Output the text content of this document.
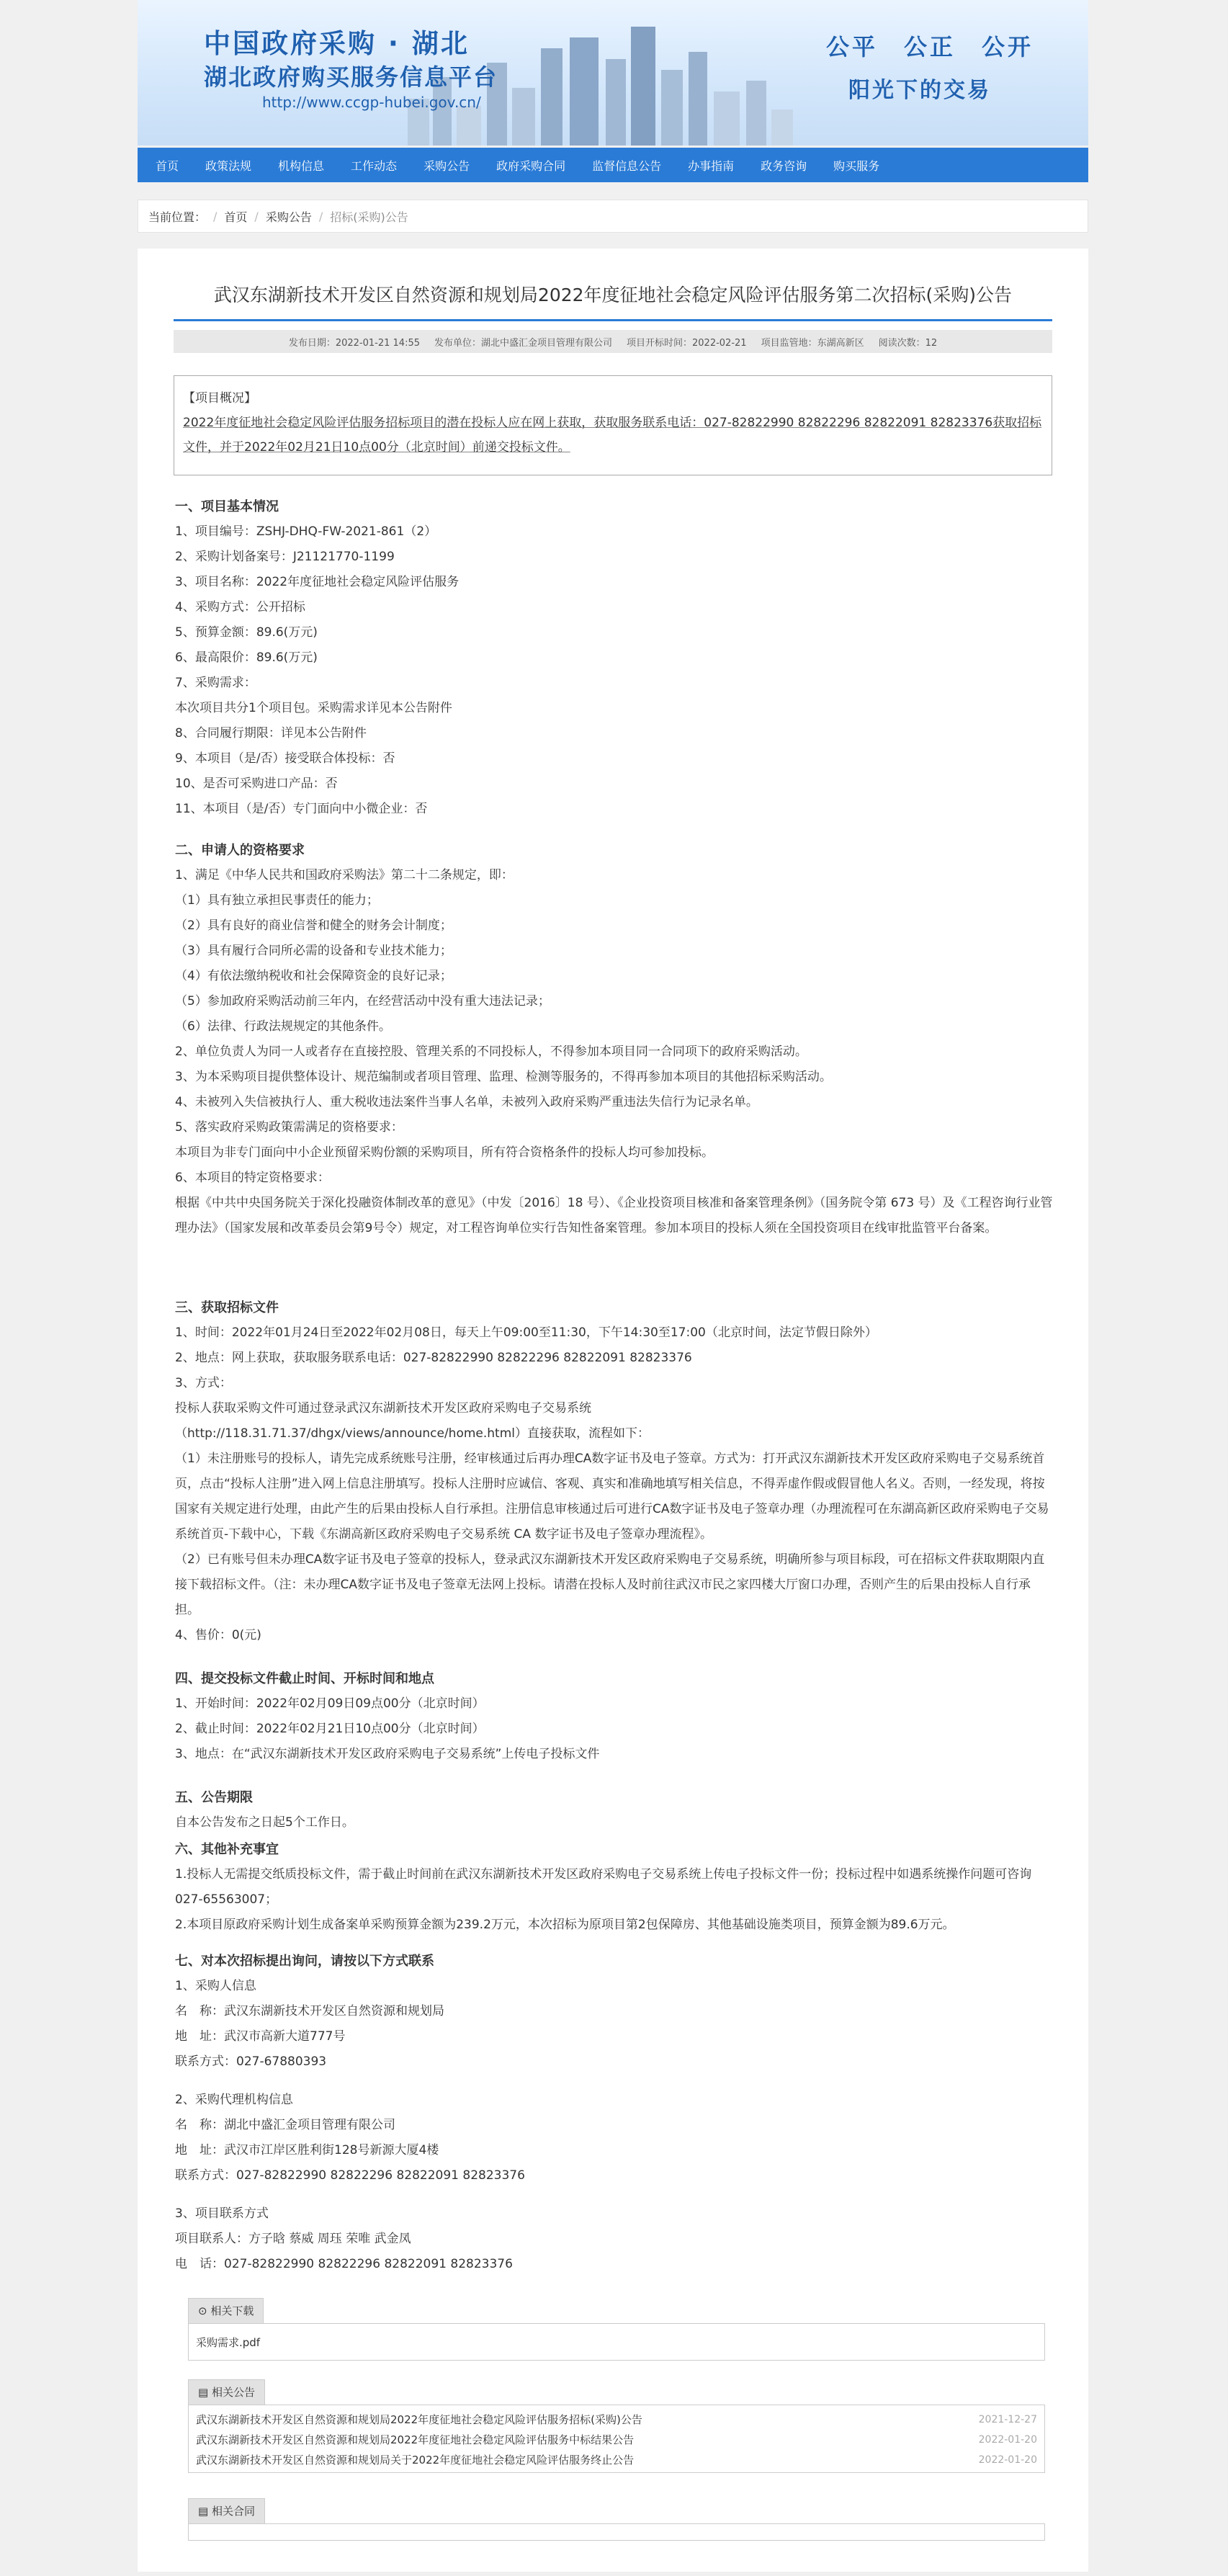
中国政府采购 · 湖北
湖北政府购买服务信息平台
http://www.ccgp-hubei.gov.cn/
公平　公正　公开
阳光下的交易
首页	政策法规	机构信息	工作动态	采购公告	政府采购合同	监督信息公告	办事指南	政务咨询	购买服务
当前位置： / 首页 / 采购公告 / 招标(采购)公告
武汉东湖新技术开发区自然资源和规划局2022年度征地社会稳定风险评估服务第二次招标(采购)公告
发布日期：2022-01-21 14:55 发布单位：湖北中盛汇金项目管理有限公司 项目开标时间：2022-02-21 项目监管地：东湖高新区 阅读次数：12
【项目概况】
2022年度征地社会稳定风险评估服务招标项目的潜在投标人应在网上获取，获取服务联系电话：027-82822990 82822296 82822091 82823376获取招标文件，并于2022年02月21日10点00分（北京时间）前递交投标文件。
一、项目基本情况

1、项目编号：ZSHJ-DHQ-FW-2021-861（2）

2、采购计划备案号：J21121770-1199

3、项目名称：2022年度征地社会稳定风险评估服务

4、采购方式：公开招标

5、预算金额：89.6(万元)

6、最高限价：89.6(万元)

7、采购需求：

本次项目共分1个项目包。采购需求详见本公告附件

8、合同履行期限：详见本公告附件

9、本项目（是/否）接受联合体投标：否

10、是否可采购进口产品：否

11、本项目（是/否）专门面向中小微企业：否

二、申请人的资格要求

1、满足《中华人民共和国政府采购法》第二十二条规定，即：

（1）具有独立承担民事责任的能力；

（2）具有良好的商业信誉和健全的财务会计制度；

（3）具有履行合同所必需的设备和专业技术能力；

（4）有依法缴纳税收和社会保障资金的良好记录；

（5）参加政府采购活动前三年内，在经营活动中没有重大违法记录；

（6）法律、行政法规规定的其他条件。

2、单位负责人为同一人或者存在直接控股、管理关系的不同投标人，不得参加本项目同一合同项下的政府采购活动。

3、为本采购项目提供整体设计、规范编制或者项目管理、监理、检测等服务的，不得再参加本项目的其他招标采购活动。

4、未被列入失信被执行人、重大税收违法案件当事人名单，未被列入政府采购严重违法失信行为记录名单。

5、落实政府采购政策需满足的资格要求：

本项目为非专门面向中小企业预留采购份额的采购项目，所有符合资格条件的投标人均可参加投标。

6、本项目的特定资格要求：

根据《中共中央国务院关于深化投融资体制改革的意见》（中发〔2016〕18 号）、《企业投资项目核准和备案管理条例》（国务院令第 673 号）及《工程咨询行业管理办法》（国家发展和改革委员会第9号令）规定，对工程咨询单位实行告知性备案管理。参加本项目的投标人须在全国投资项目在线审批监管平台备案。

三、获取招标文件

1、时间：2022年01月24日至2022年02月08日，每天上午09:00至11:30，下午14:30至17:00（北京时间，法定节假日除外）

2、地点：网上获取，获取服务联系电话：027-82822990 82822296 82822091 82823376

3、方式：

投标人获取采购文件可通过登录武汉东湖新技术开发区政府采购电子交易系统

（http://118.31.71.37/dhgx/views/announce/home.html）直接获取，流程如下：

（1）未注册账号的投标人，请先完成系统账号注册，经审核通过后再办理CA数字证书及电子签章。方式为：打开武汉东湖新技术开发区政府采购电子交易系统首页，点击“投标人注册”进入网上信息注册填写。投标人注册时应诚信、客观、真实和准确地填写相关信息，不得弄虚作假或假冒他人名义。否则，一经发现，将按国家有关规定进行处理，由此产生的后果由投标人自行承担。注册信息审核通过后可进行CA数字证书及电子签章办理（办理流程可在东湖高新区政府采购电子交易系统首页-下载中心，下载《东湖高新区政府采购电子交易系统 CA 数字证书及电子签章办理流程》。

（2）已有账号但未办理CA数字证书及电子签章的投标人，登录武汉东湖新技术开发区政府采购电子交易系统，明确所参与项目标段，可在招标文件获取期限内直接下载招标文件。（注：未办理CA数字证书及电子签章无法网上投标。请潜在投标人及时前往武汉市民之家四楼大厅窗口办理，否则产生的后果由投标人自行承担。

4、售价：0(元)

四、提交投标文件截止时间、开标时间和地点

1、开始时间：2022年02月09日09点00分（北京时间）

2、截止时间：2022年02月21日10点00分（北京时间）

3、地点：在“武汉东湖新技术开发区政府采购电子交易系统”上传电子投标文件

五、公告期限

自本公告发布之日起5个工作日。

六、其他补充事宜

1.投标人无需提交纸质投标文件，需于截止时间前在武汉东湖新技术开发区政府采购电子交易系统上传电子投标文件一份；投标过程中如遇系统操作问题可咨询027-65563007；

2.本项目原政府采购计划生成备案单采购预算金额为239.2万元，本次招标为原项目第2包保障房、其他基础设施类项目，预算金额为89.6万元。

七、对本次招标提出询问，请按以下方式联系

1、采购人信息

名　称：武汉东湖新技术开发区自然资源和规划局

地　址：武汉市高新大道777号

联系方式：027-67880393

2、采购代理机构信息

名　称：湖北中盛汇金项目管理有限公司

地　址：武汉市江岸区胜利街128号新源大厦4楼

联系方式：027-82822990 82822296 82822091 82823376

3、项目联系方式

项目联系人：方子晗 蔡威 周珏 荣唯 武金凤

电　话：027-82822990 82822296 82822091 82823376

⊙ 相关下载
采购需求.pdf
▤ 相关公告
武汉东湖新技术开发区自然资源和规划局2022年度征地社会稳定风险评估服务招标(采购)公告	2021-12-27
武汉东湖新技术开发区自然资源和规划局2022年度征地社会稳定风险评估服务中标结果公告	2022-01-20
武汉东湖新技术开发区自然资源和规划局关于2022年度征地社会稳定风险评估服务终止公告	2022-01-20
▤ 相关合同
